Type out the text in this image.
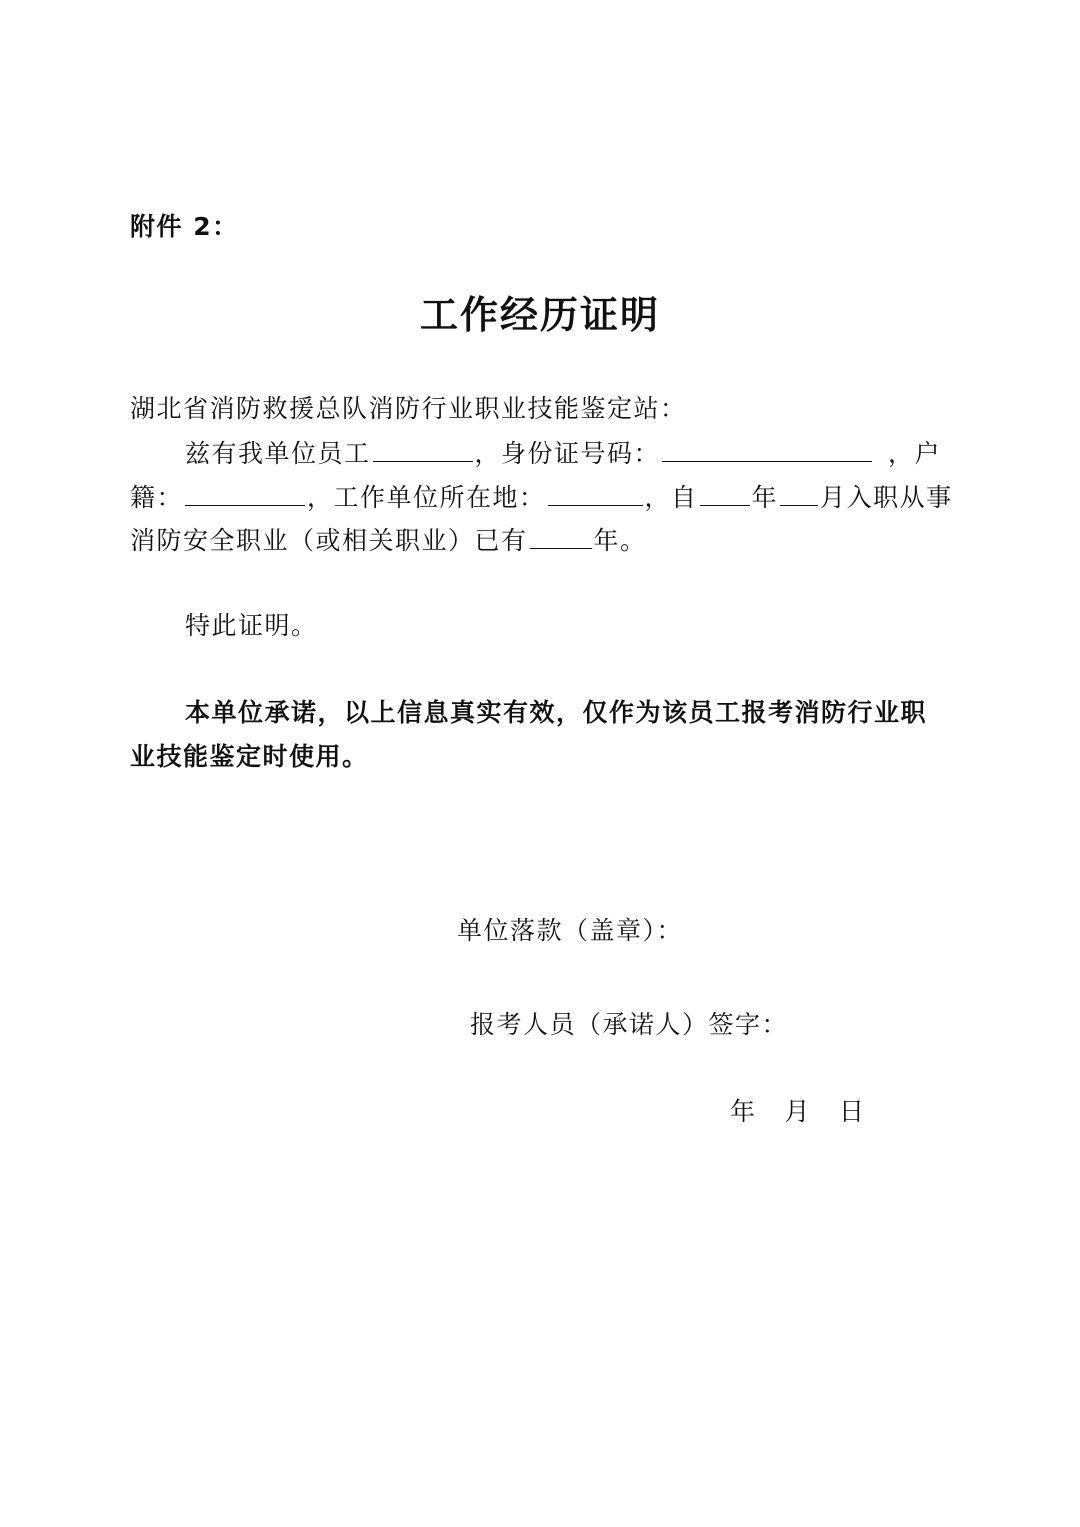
附件 2：
工作经历证明
湖北省消防救援总队消防行业职业技能鉴定站：
兹有我单位员工	，身份证号码：	，户
籍：	，工作单位所在地：	，自 年 月入职从事
消防安全职业（或相关职业）已有	年。
特此证明。
本单位承诺，以上信息真实有效，仅作为该员工报考消防行业职
业技能鉴定时使用。
单位落款（盖章）：
报考人员（承诺人）签字：
年 月 日
